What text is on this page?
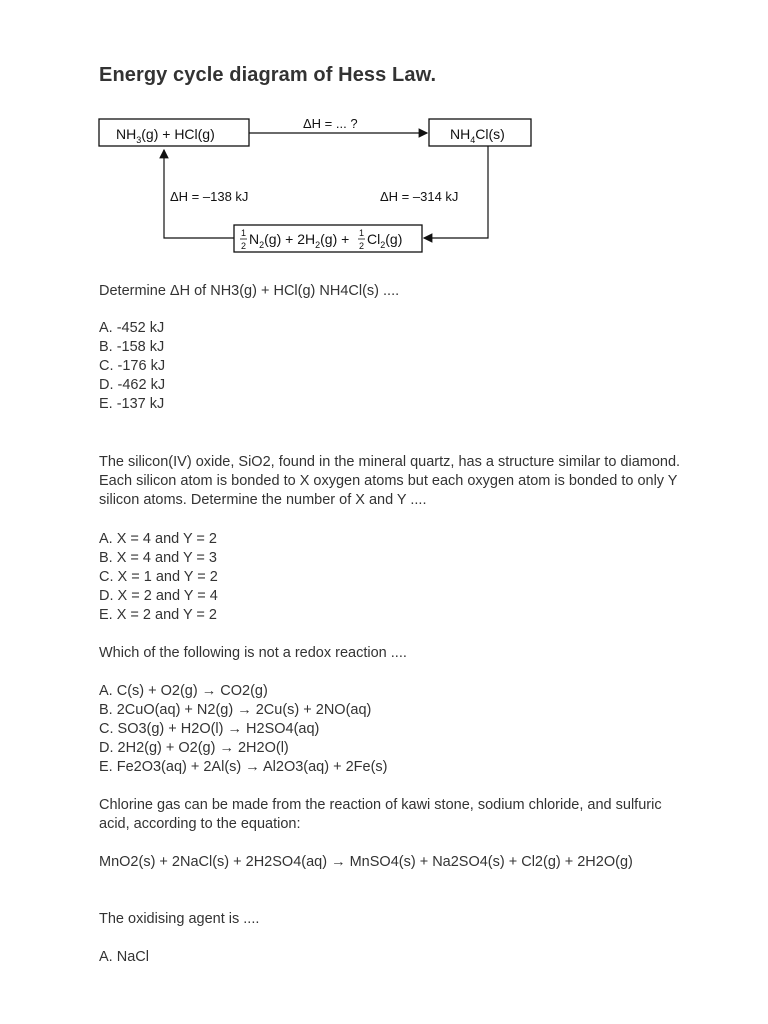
Energy cycle diagram of Hess Law.
$NH_3(g) + HCl(g)$	$NH_4Cl(s)$
ΔH = ... ?
1
2 $N_2(g) + 2H_2(g) + 1$
2 $Cl_2(g)$
ΔH = –138 kJ	ΔH = –314 kJ

Determine ΔH of NH3(g) + HCl(g) NH4Cl(s) ....

A. -452 kJ

B. -158 kJ

C. -176 kJ

D. -462 kJ

E. -137 kJ

The silicon(IV) oxide, SiO2, found in the mineral quartz, has a structure similar to diamond. Each silicon atom is bonded to X oxygen atoms but each oxygen atom is bonded to only Y silicon atoms. Determine the number of X and Y ....

A. X = 4 and Y = 2

B. X = 4 and Y = 3

C. X = 1 and Y = 2

D. X = 2 and Y = 4

E. X = 2 and Y = 2

Which of the following is not a redox reaction ....

A. C(s) + O2(g) → CO2(g)

B. 2CuO(aq) + N2(g) → 2Cu(s) + 2NO(aq)

C. SO3(g) + H2O(l) → H2SO4(aq)

D. 2H2(g) + O2(g) → 2H2O(l)

E. Fe2O3(aq) + 2Al(s) → Al2O3(aq) + 2Fe(s)

Chlorine gas can be made from the reaction of kawi stone, sodium chloride, and sulfuric acid, according to the equation:

MnO2(s) + 2NaCl(s) + 2H2SO4(aq) → MnSO4(s) + Na2SO4(s) + Cl2(g) + 2H2O(g)

The oxidising agent is ....

A. NaCl
